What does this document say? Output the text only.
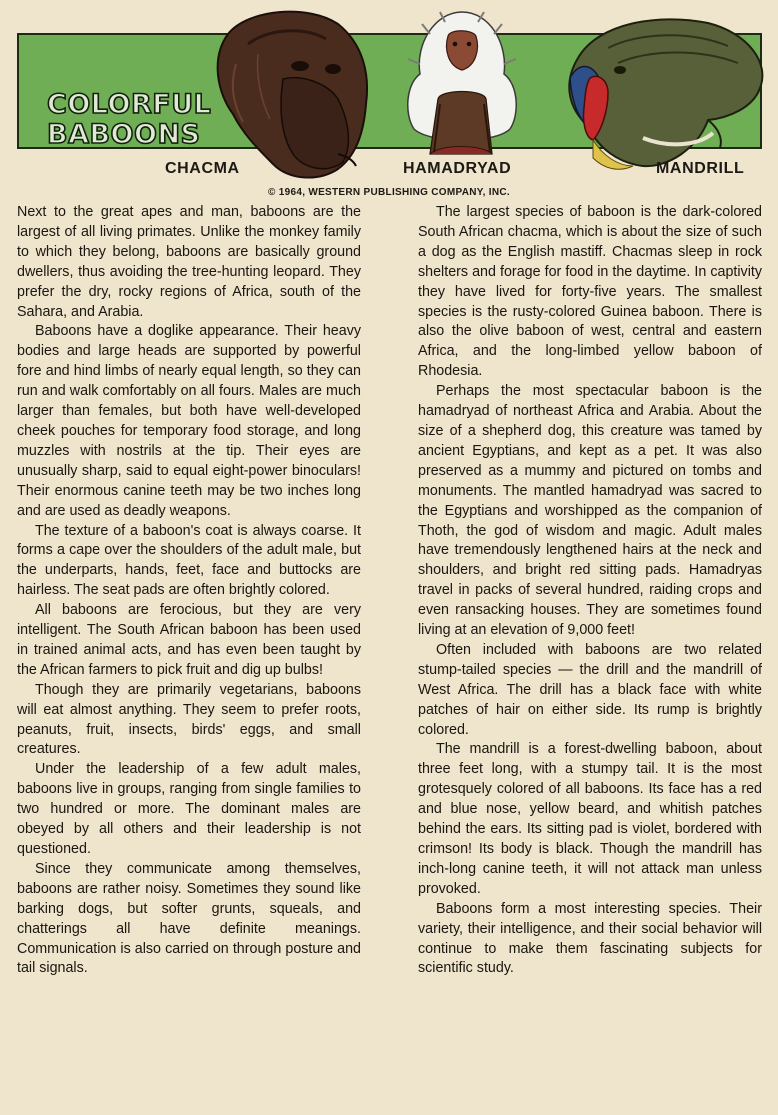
COLORFUL
BABOONS
CHACMA	HAMADRYAD	MANDRILL
© 1964, WESTERN PUBLISHING COMPANY, INC.

Next to the great apes and man, baboons are the largest of all living primates. Unlike the monkey family to which they belong, baboons are basically ground dwellers, thus avoiding the tree-hunting leopard. They prefer the dry, rocky regions of Africa, south of the Sahara, and Arabia.

Baboons have a doglike appearance. Their heavy bodies and large heads are supported by powerful fore and hind limbs of nearly equal length, so they can run and walk comfortably on all fours. Males are much larger than females, but both have well-developed cheek pouches for temporary food storage, and long muzzles with nostrils at the tip. Their eyes are unusually sharp, said to equal eight-power binoculars! Their enormous canine teeth may be two inches long and are used as deadly weapons.

The texture of a baboon's coat is always coarse. It forms a cape over the shoulders of the adult male, but the underparts, hands, feet, face and buttocks are hairless. The seat pads are often brightly colored.

All baboons are ferocious, but they are very intelligent. The South African baboon has been used in trained animal acts, and has even been taught by the African farmers to pick fruit and dig up bulbs!

Though they are primarily vegetarians, baboons will eat almost anything. They seem to prefer roots, peanuts, fruit, insects, birds' eggs, and small creatures.

Under the leadership of a few adult males, baboons live in groups, ranging from single families to two hundred or more. The dominant males are obeyed by all others and their leadership is not questioned.

Since they communicate among themselves, baboons are rather noisy. Sometimes they sound like barking dogs, but softer grunts, squeals, and chatterings all have definite meanings. Communication is also carried on through posture and tail signals.

The largest species of baboon is the dark-colored South African chacma, which is about the size of such a dog as the English mastiff. Chacmas sleep in rock shelters and forage for food in the daytime. In captivity they have lived for forty-five years. The smallest species is the rusty-colored Guinea baboon. There is also the olive baboon of west, central and eastern Africa, and the long-limbed yellow baboon of Rhodesia.

Perhaps the most spectacular baboon is the hamadryad of northeast Africa and Arabia. About the size of a shepherd dog, this creature was tamed by ancient Egyptians, and kept as a pet. It was also preserved as a mummy and pictured on tombs and monuments. The mantled hamadryad was sacred to the Egyptians and worshipped as the companion of Thoth, the god of wisdom and magic. Adult males have tremendously lengthened hairs at the neck and shoulders, and bright red sitting pads. Hamadryas travel in packs of several hundred, raiding crops and even ransacking houses. They are sometimes found living at an elevation of 9,000 feet!

Often included with baboons are two related stump-tailed species — the drill and the mandrill of West Africa. The drill has a black face with white patches of hair on either side. Its rump is brightly colored.

The mandrill is a forest-dwelling baboon, about three feet long, with a stumpy tail. It is the most grotesquely colored of all baboons. Its face has a red and blue nose, yellow beard, and whitish patches behind the ears. Its sitting pad is violet, bordered with crimson! Its body is black. Though the mandrill has inch-long canine teeth, it will not attack man unless provoked.

Baboons form a most interesting species. Their variety, their intelligence, and their social behavior will continue to make them fascinating subjects for scientific study.
